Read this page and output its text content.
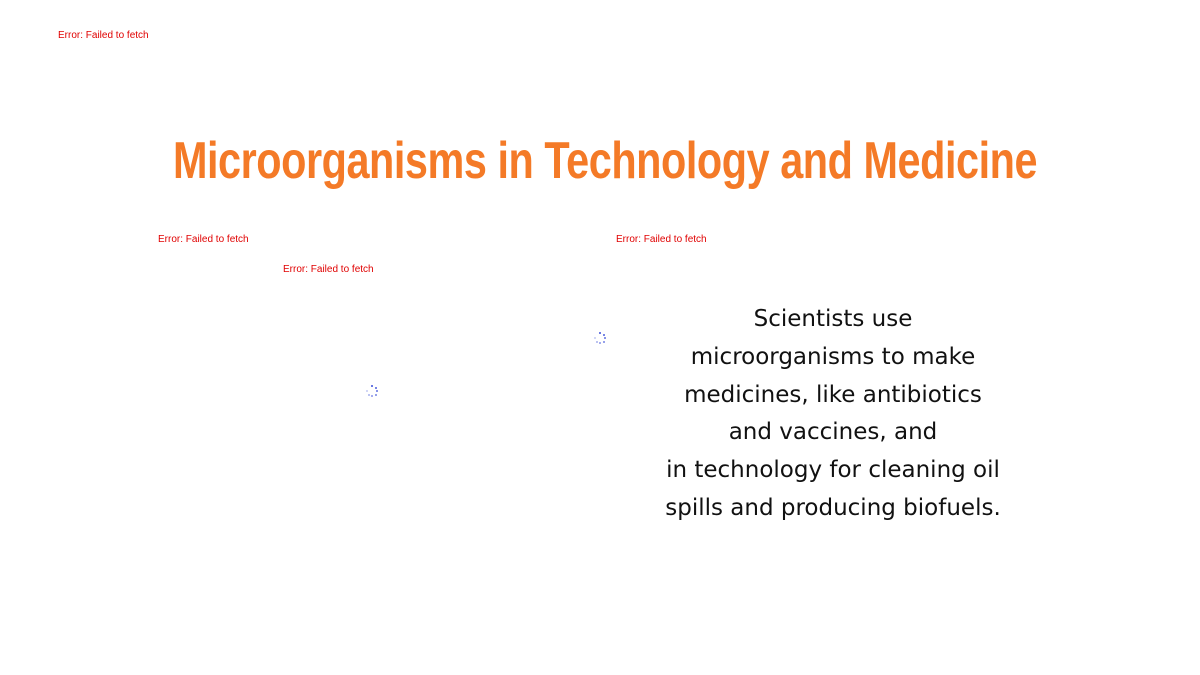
Error: Failed to fetch
Microorganisms in Technology and Medicine
Error: Failed to fetch
Error: Failed to fetch
Error: Failed to fetch
Scientists use
microorganisms to make
medicines, like antibiotics
and vaccines, and
in technology for cleaning oil
spills and producing biofuels.
